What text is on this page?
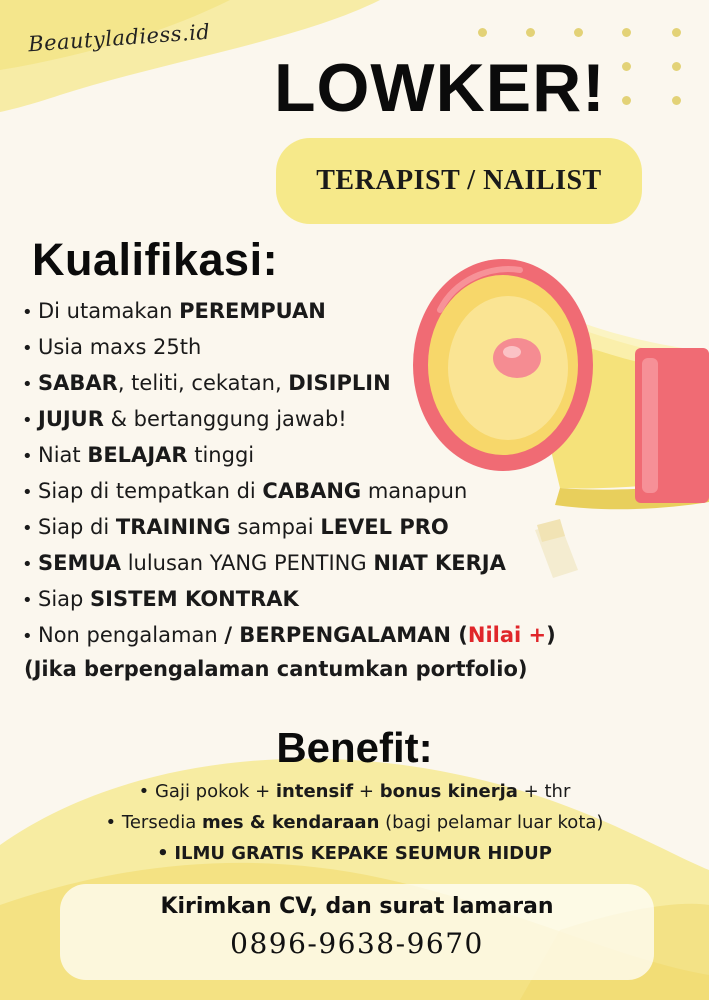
Beautyladiess.id
LOWKER!
TERAPIST / NAILIST
Kualifikasi:
• Di utamakan PEREMPUAN
• Usia maxs 25th
• SABAR, teliti, cekatan, DISIPLIN
• JUJUR & bertanggung jawab!
• Niat BELAJAR tinggi
• Siap di tempatkan di CABANG manapun
• Siap di TRAINING sampai LEVEL PRO
• SEMUA lulusan YANG PENTING NIAT KERJA
• Siap SISTEM KONTRAK
• Non pengalaman / BERPENGALAMAN (Nilai +)
(Jika berpengalaman cantumkan portfolio)
Benefit:
• Gaji pokok + intensif + bonus kinerja + thr
• Tersedia mes & kendaraan (bagi pelamar luar kota)
• ILMU GRATIS KEPAKE SEUMUR HIDUP
Kirimkan CV, dan surat lamaran
0896-9638-9670
